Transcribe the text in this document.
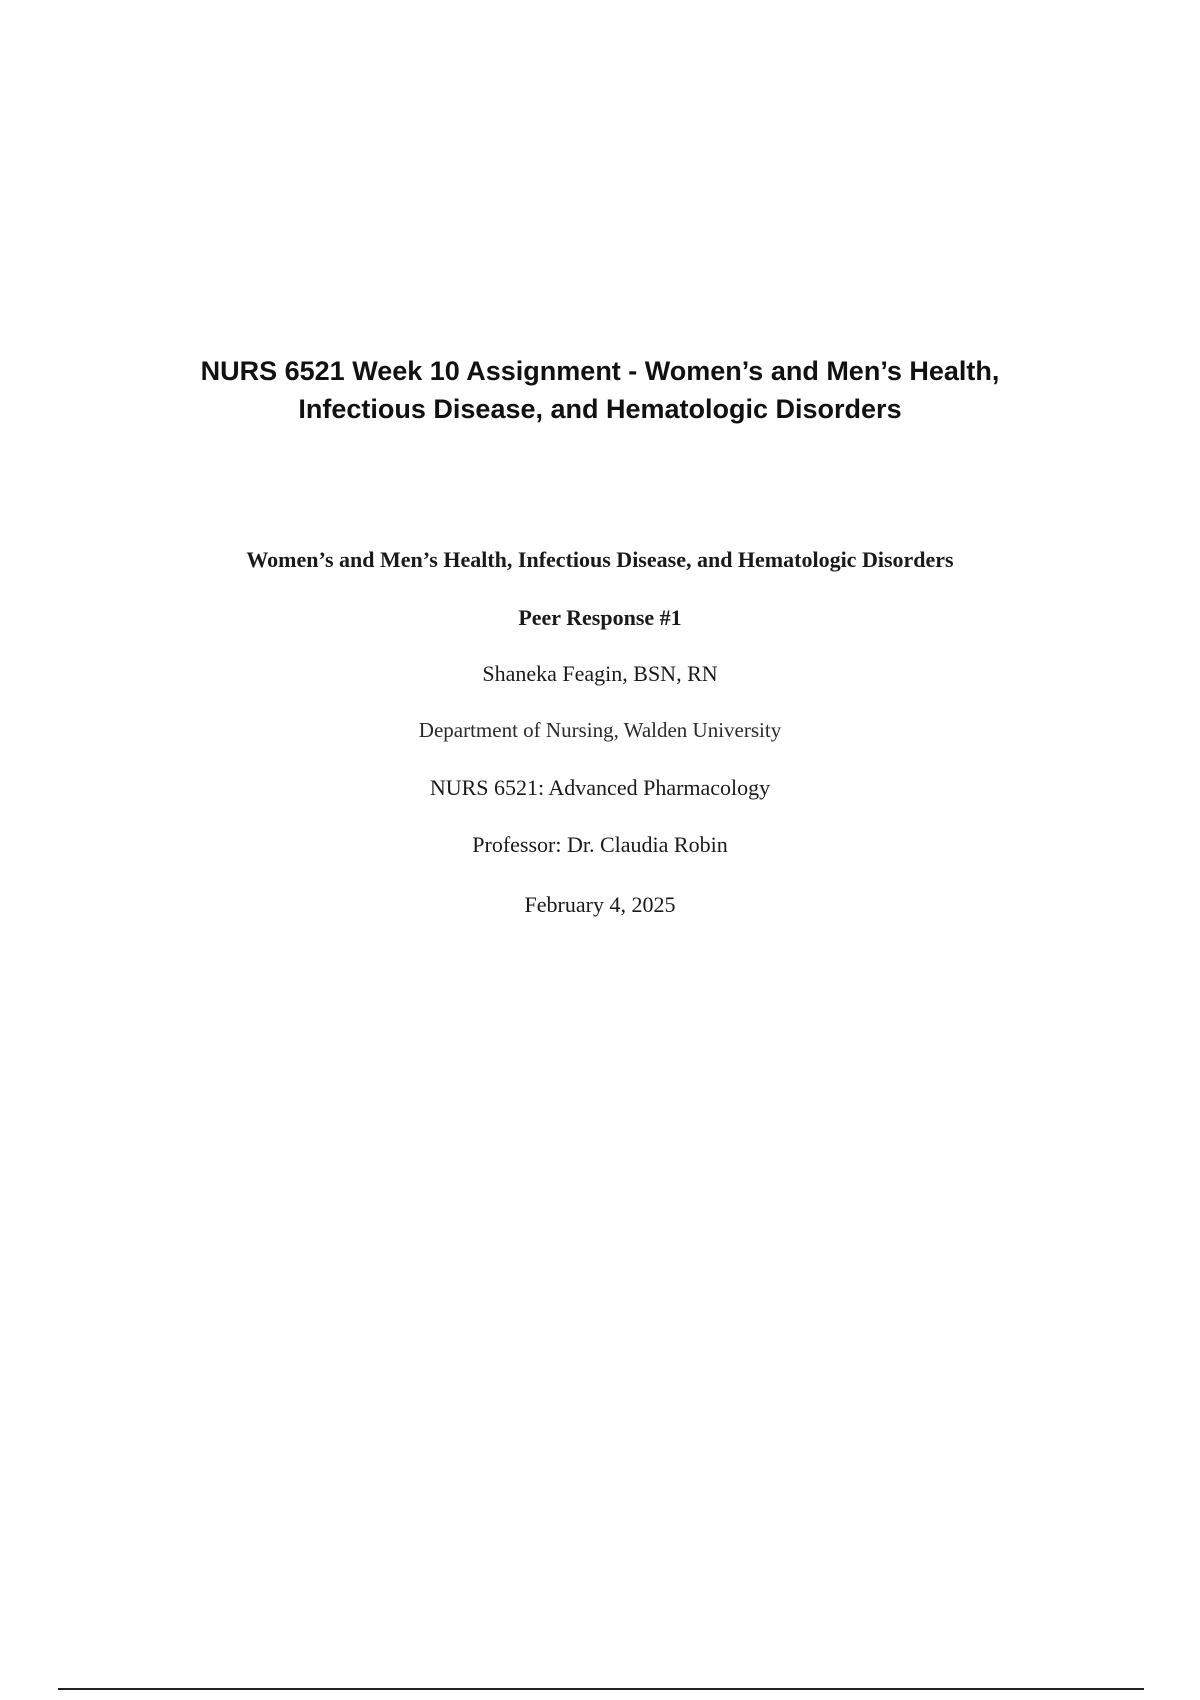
NURS 6521 Week 10 Assignment - Women’s and Men’s Health,
Infectious Disease, and Hematologic Disorders
Women’s and Men’s Health, Infectious Disease, and Hematologic Disorders
Peer Response #1
Shaneka Feagin, BSN, RN
Department of Nursing, Walden University
NURS 6521: Advanced Pharmacology
Professor: Dr. Claudia Robin
February 4, 2025
